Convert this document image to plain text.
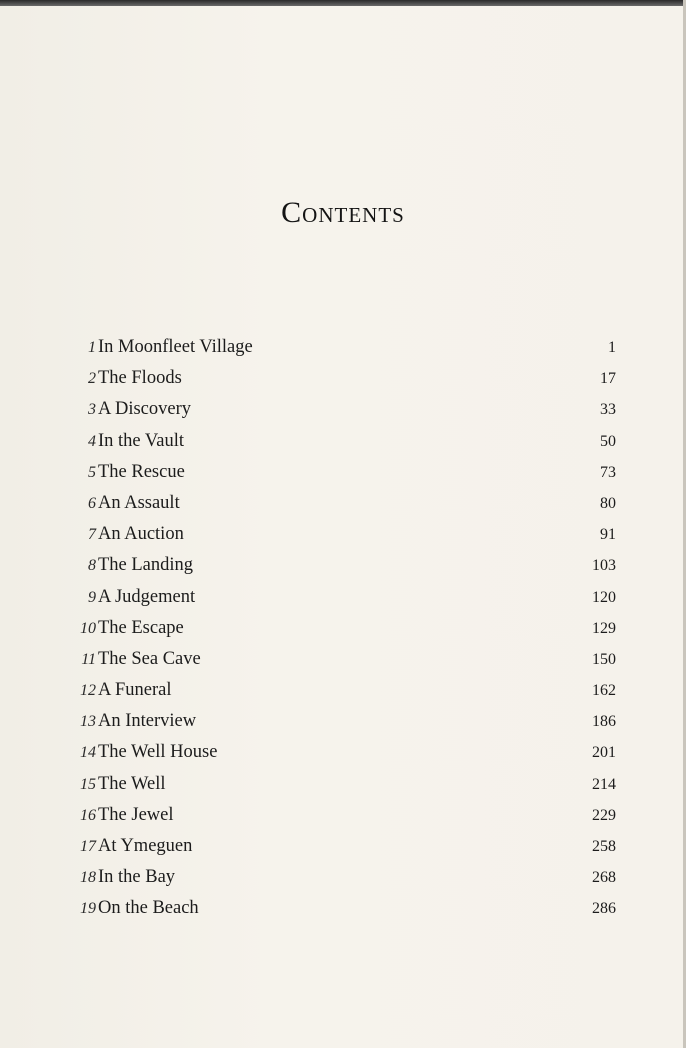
Contents
1 In Moonfleet Village	1
2 The Floods	17
3 A Discovery	33
4 In the Vault	50
5 The Rescue	73
6 An Assault	80
7 An Auction	91
8 The Landing	103
9 A Judgement	120
10 The Escape	129
11 The Sea Cave	150
12 A Funeral	162
13 An Interview	186
14 The Well House	201
15 The Well	214
16 The Jewel	229
17 At Ymeguen	258
18 In the Bay	268
19 On the Beach	286
